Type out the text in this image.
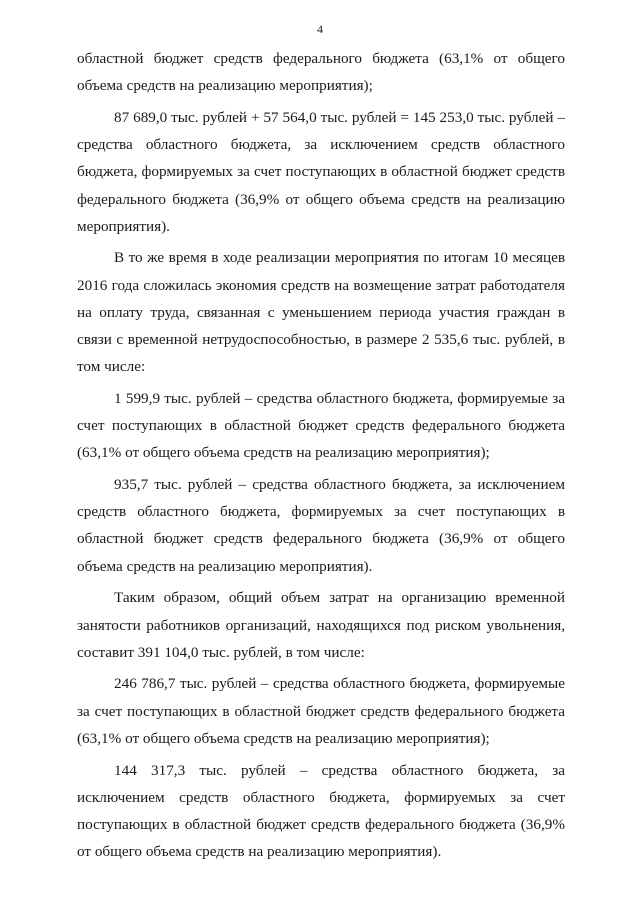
4

областной бюджет средств федерального бюджета (63,1% от общего объема средств на реализацию мероприятия);

87 689,0 тыс. рублей + 57 564,0 тыс. рублей = 145 253,0 тыс. рублей – средства областного бюджета, за исключением средств областного бюджета, формируемых за счет поступающих в областной бюджет средств федерального бюджета (36,9% от общего объема средств на реализацию мероприятия).

В то же время в ходе реализации мероприятия по итогам 10 месяцев 2016 года сложилась экономия средств на возмещение затрат работодателя на оплату труда, связанная с уменьшением периода участия граждан в связи с временной нетрудоспособностью, в размере 2 535,6 тыс. рублей, в том числе:

1 599,9 тыс. рублей – средства областного бюджета, формируемые за счет поступающих в областной бюджет средств федерального бюджета (63,1% от общего объема средств на реализацию мероприятия);

935,7 тыс. рублей – средства областного бюджета, за исключением средств областного бюджета, формируемых за счет поступающих в областной бюджет средств федерального бюджета (36,9% от общего объема средств на реализацию мероприятия).

Таким образом, общий объем затрат на организацию временной занятости работников организаций, находящихся под риском увольнения, составит 391 104,0 тыс. рублей, в том числе:

246 786,7 тыс. рублей – средства областного бюджета, формируемые за счет поступающих в областной бюджет средств федерального бюджета (63,1% от общего объема средств на реализацию мероприятия);

144 317,3 тыс. рублей – средства областного бюджета, за исключением средств областного бюджета, формируемых за счет поступающих в областной бюджет средств федерального бюджета (36,9% от общего объема средств на реализацию мероприятия).
